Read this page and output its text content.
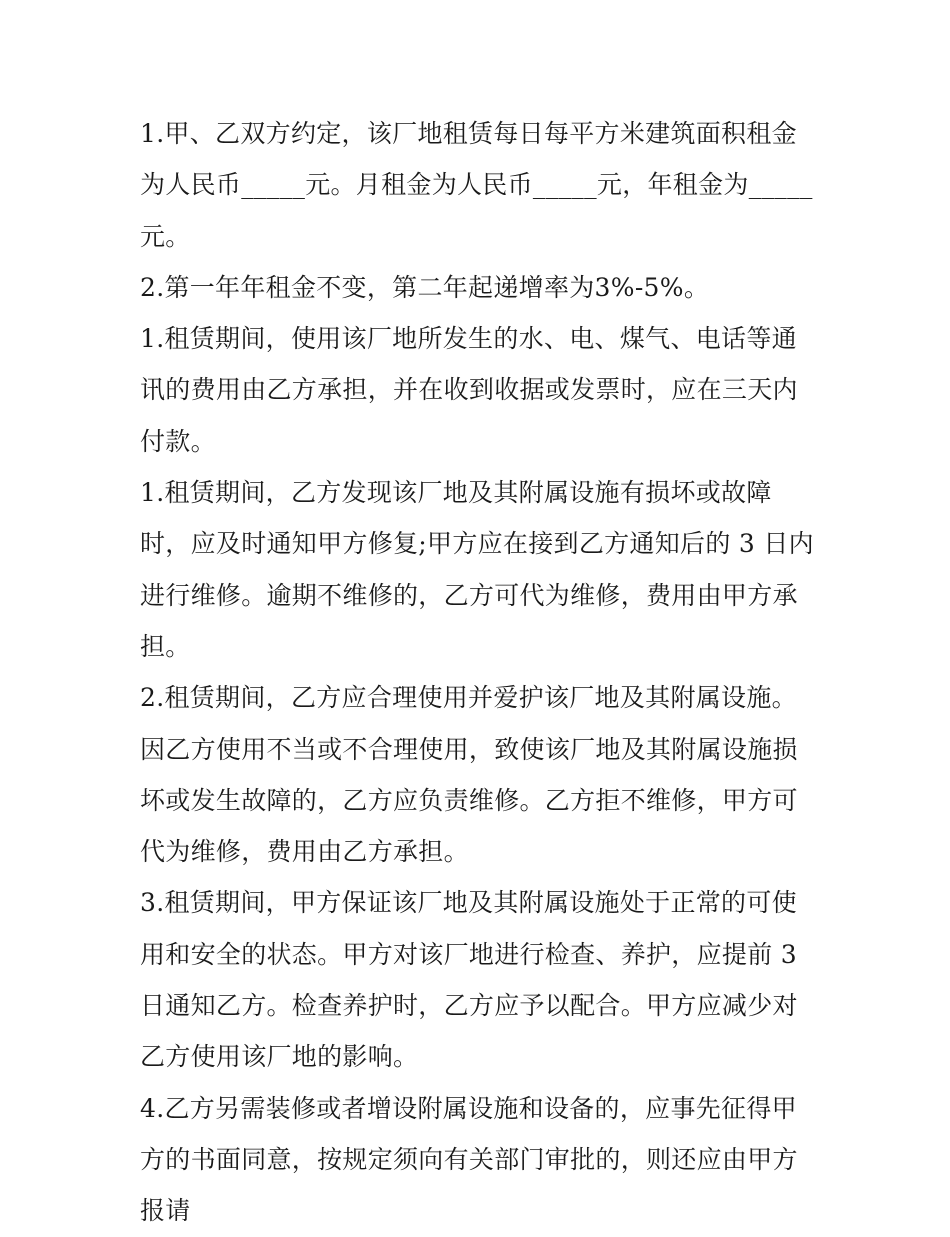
1.甲、乙双方约定，该厂地租赁每日每平方米建筑面积租金为人民币_____元。月租金为人民币_____元，年租金为_____元。

2.第一年年租金不变，第二年起递增率为3%-5%。

1.租赁期间，使用该厂地所发生的水、电、煤气、电话等通讯的费用由乙方承担，并在收到收据或发票时，应在三天内付款。

1.租赁期间，乙方发现该厂地及其附属设施有损坏或故障时，应及时通知甲方修复;甲方应在接到乙方通知后的 3 日内进行维修。逾期不维修的，乙方可代为维修，费用由甲方承担。

2.租赁期间，乙方应合理使用并爱护该厂地及其附属设施。因乙方使用不当或不合理使用，致使该厂地及其附属设施损坏或发生故障的，乙方应负责维修。乙方拒不维修，甲方可代为维修，费用由乙方承担。

3.租赁期间，甲方保证该厂地及其附属设施处于正常的可使用和安全的状态。甲方对该厂地进行检查、养护，应提前 3 日通知乙方。检查养护时，乙方应予以配合。甲方应减少对乙方使用该厂地的影响。

4.乙方另需装修或者增设附属设施和设备的，应事先征得甲方的书面同意，按规定须向有关部门审批的，则还应由甲方报请
